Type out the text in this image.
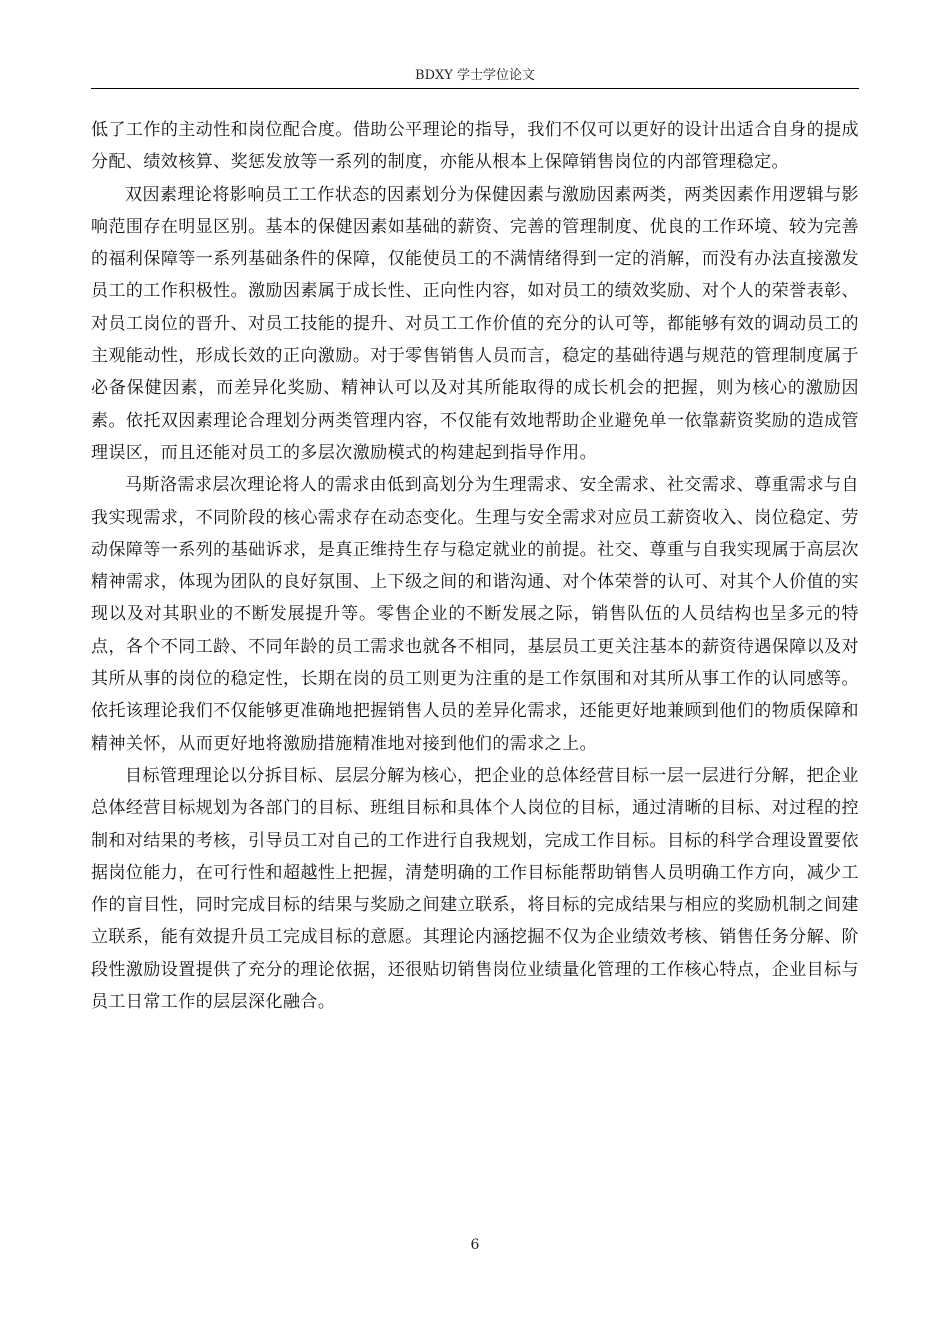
BDXY 学士学位论文

低了工作的主动性和岗位配合度。借助公平理论的指导，我们不仅可以更好的设计出适合自身的提成分配、绩效核算、奖惩发放等一系列的制度，亦能从根本上保障销售岗位的内部管理稳定。

双因素理论将影响员工工作状态的因素划分为保健因素与激励因素两类，两类因素作用逻辑与影响范围存在明显区别。基本的保健因素如基础的薪资、完善的管理制度、优良的工作环境、较为完善的福利保障等一系列基础条件的保障，仅能使员工的不满情绪得到一定的消解，而没有办法直接激发员工的工作积极性。激励因素属于成长性、正向性内容，如对员工的绩效奖励、对个人的荣誉表彰、对员工岗位的晋升、对员工技能的提升、对员工工作价值的充分的认可等，都能够有效的调动员工的主观能动性，形成长效的正向激励。对于零售销售人员而言，稳定的基础待遇与规范的管理制度属于必备保健因素，而差异化奖励、精神认可以及对其所能取得的成长机会的把握，则为核心的激励因素。依托双因素理论合理划分两类管理内容，不仅能有效地帮助企业避免单一依靠薪资奖励的造成管理误区，而且还能对员工的多层次激励模式的构建起到指导作用。

马斯洛需求层次理论将人的需求由低到高划分为生理需求、安全需求、社交需求、尊重需求与自我实现需求，不同阶段的核心需求存在动态变化。生理与安全需求对应员工薪资收入、岗位稳定、劳动保障等一系列的基础诉求，是真正维持生存与稳定就业的前提。社交、尊重与自我实现属于高层次精神需求，体现为团队的良好氛围、上下级之间的和谐沟通、对个体荣誉的认可、对其个人价值的实现以及对其职业的不断发展提升等。零售企业的不断发展之际，销售队伍的人员结构也呈多元的特点，各个不同工龄、不同年龄的员工需求也就各不相同，基层员工更关注基本的薪资待遇保障以及对其所从事的岗位的稳定性，长期在岗的员工则更为注重的是工作氛围和对其所从事工作的认同感等。依托该理论我们不仅能够更准确地把握销售人员的差异化需求，还能更好地兼顾到他们的物质保障和精神关怀，从而更好地将激励措施精准地对接到他们的需求之上。

目标管理理论以分拆目标、层层分解为核心，把企业的总体经营目标一层一层进行分解，把企业总体经营目标规划为各部门的目标、班组目标和具体个人岗位的目标，通过清晰的目标、对过程的控制和对结果的考核，引导员工对自己的工作进行自我规划，完成工作目标。目标的科学合理设置要依据岗位能力，在可行性和超越性上把握，清楚明确的工作目标能帮助销售人员明确工作方向，减少工作的盲目性，同时完成目标的结果与奖励之间建立联系，将目标的完成结果与相应的奖励机制之间建立联系，能有效提升员工完成目标的意愿。其理论内涵挖掘不仅为企业绩效考核、销售任务分解、阶段性激励设置提供了充分的理论依据，还很贴切销售岗位业绩量化管理的工作核心特点，企业目标与员工日常工作的层层深化融合。

6
